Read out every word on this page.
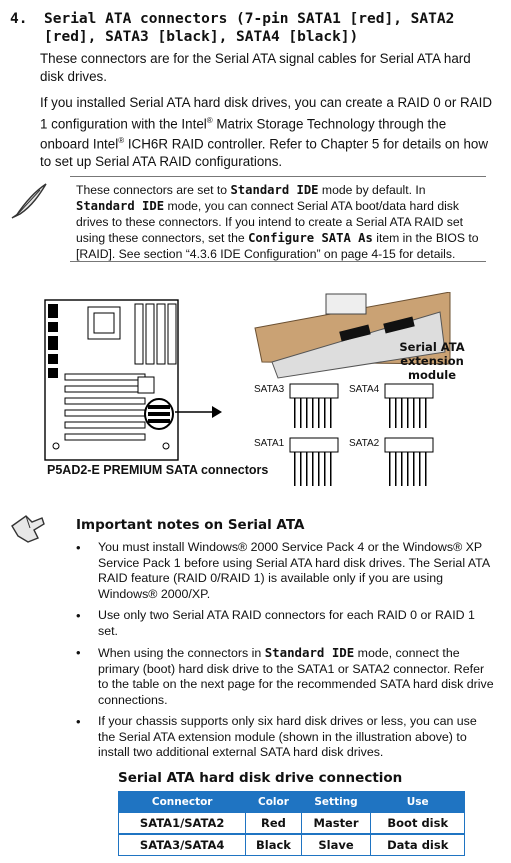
4.	Serial ATA connectors (7-pin SATA1 [red], SATA2 [red], SATA3 [black], SATA4 [black])
These connectors are for the Serial ATA signal cables for Serial ATA hard disk drives.
If you installed Serial ATA hard disk drives, you can create a RAID 0 or RAID 1 configuration with the Intel® Matrix Storage Technology through the onboard Intel® ICH6R RAID controller. Refer to Chapter 5 for details on how to set up Serial ATA RAID configurations.
These connectors are set to Standard IDE mode by default. In Standard IDE mode, you can connect Serial ATA boot/data hard disk drives to these connectors. If you intend to create a Serial ATA RAID set using these connectors, set the Configure SATA As item in the BIOS to [RAID]. See section “4.3.6 IDE Configuration” on page 4-15 for details.
Serial ATA
extension module
SATA3	SATA4
SATA1	SATA2
P5AD2-E PREMIUM SATA connectors
Important notes on Serial ATA
• You must install Windows® 2000 Service Pack 4 or the Windows® XP Service Pack 1 before using Serial ATA hard disk drives. The Serial ATA RAID feature (RAID 0/RAID 1) is available only if you are using Windows® 2000/XP.
• Use only two Serial ATA RAID connectors for each RAID 0 or RAID 1 set.
• When using the connectors in Standard IDE mode, connect the primary (boot) hard disk drive to the SATA1 or SATA2 connector. Refer to the table on the next page for the recommended SATA hard disk drive connections.
• If your chassis supports only six hard disk drives or less, you can use the Serial ATA extension module (shown in the illustration above) to install two additional external SATA hard disk drives.
Serial ATA hard disk drive connection
Connector	Color	Setting	Use
SATA1/SATA2	Red	Master	Boot disk
SATA3/SATA4	Black	Slave	Data disk
